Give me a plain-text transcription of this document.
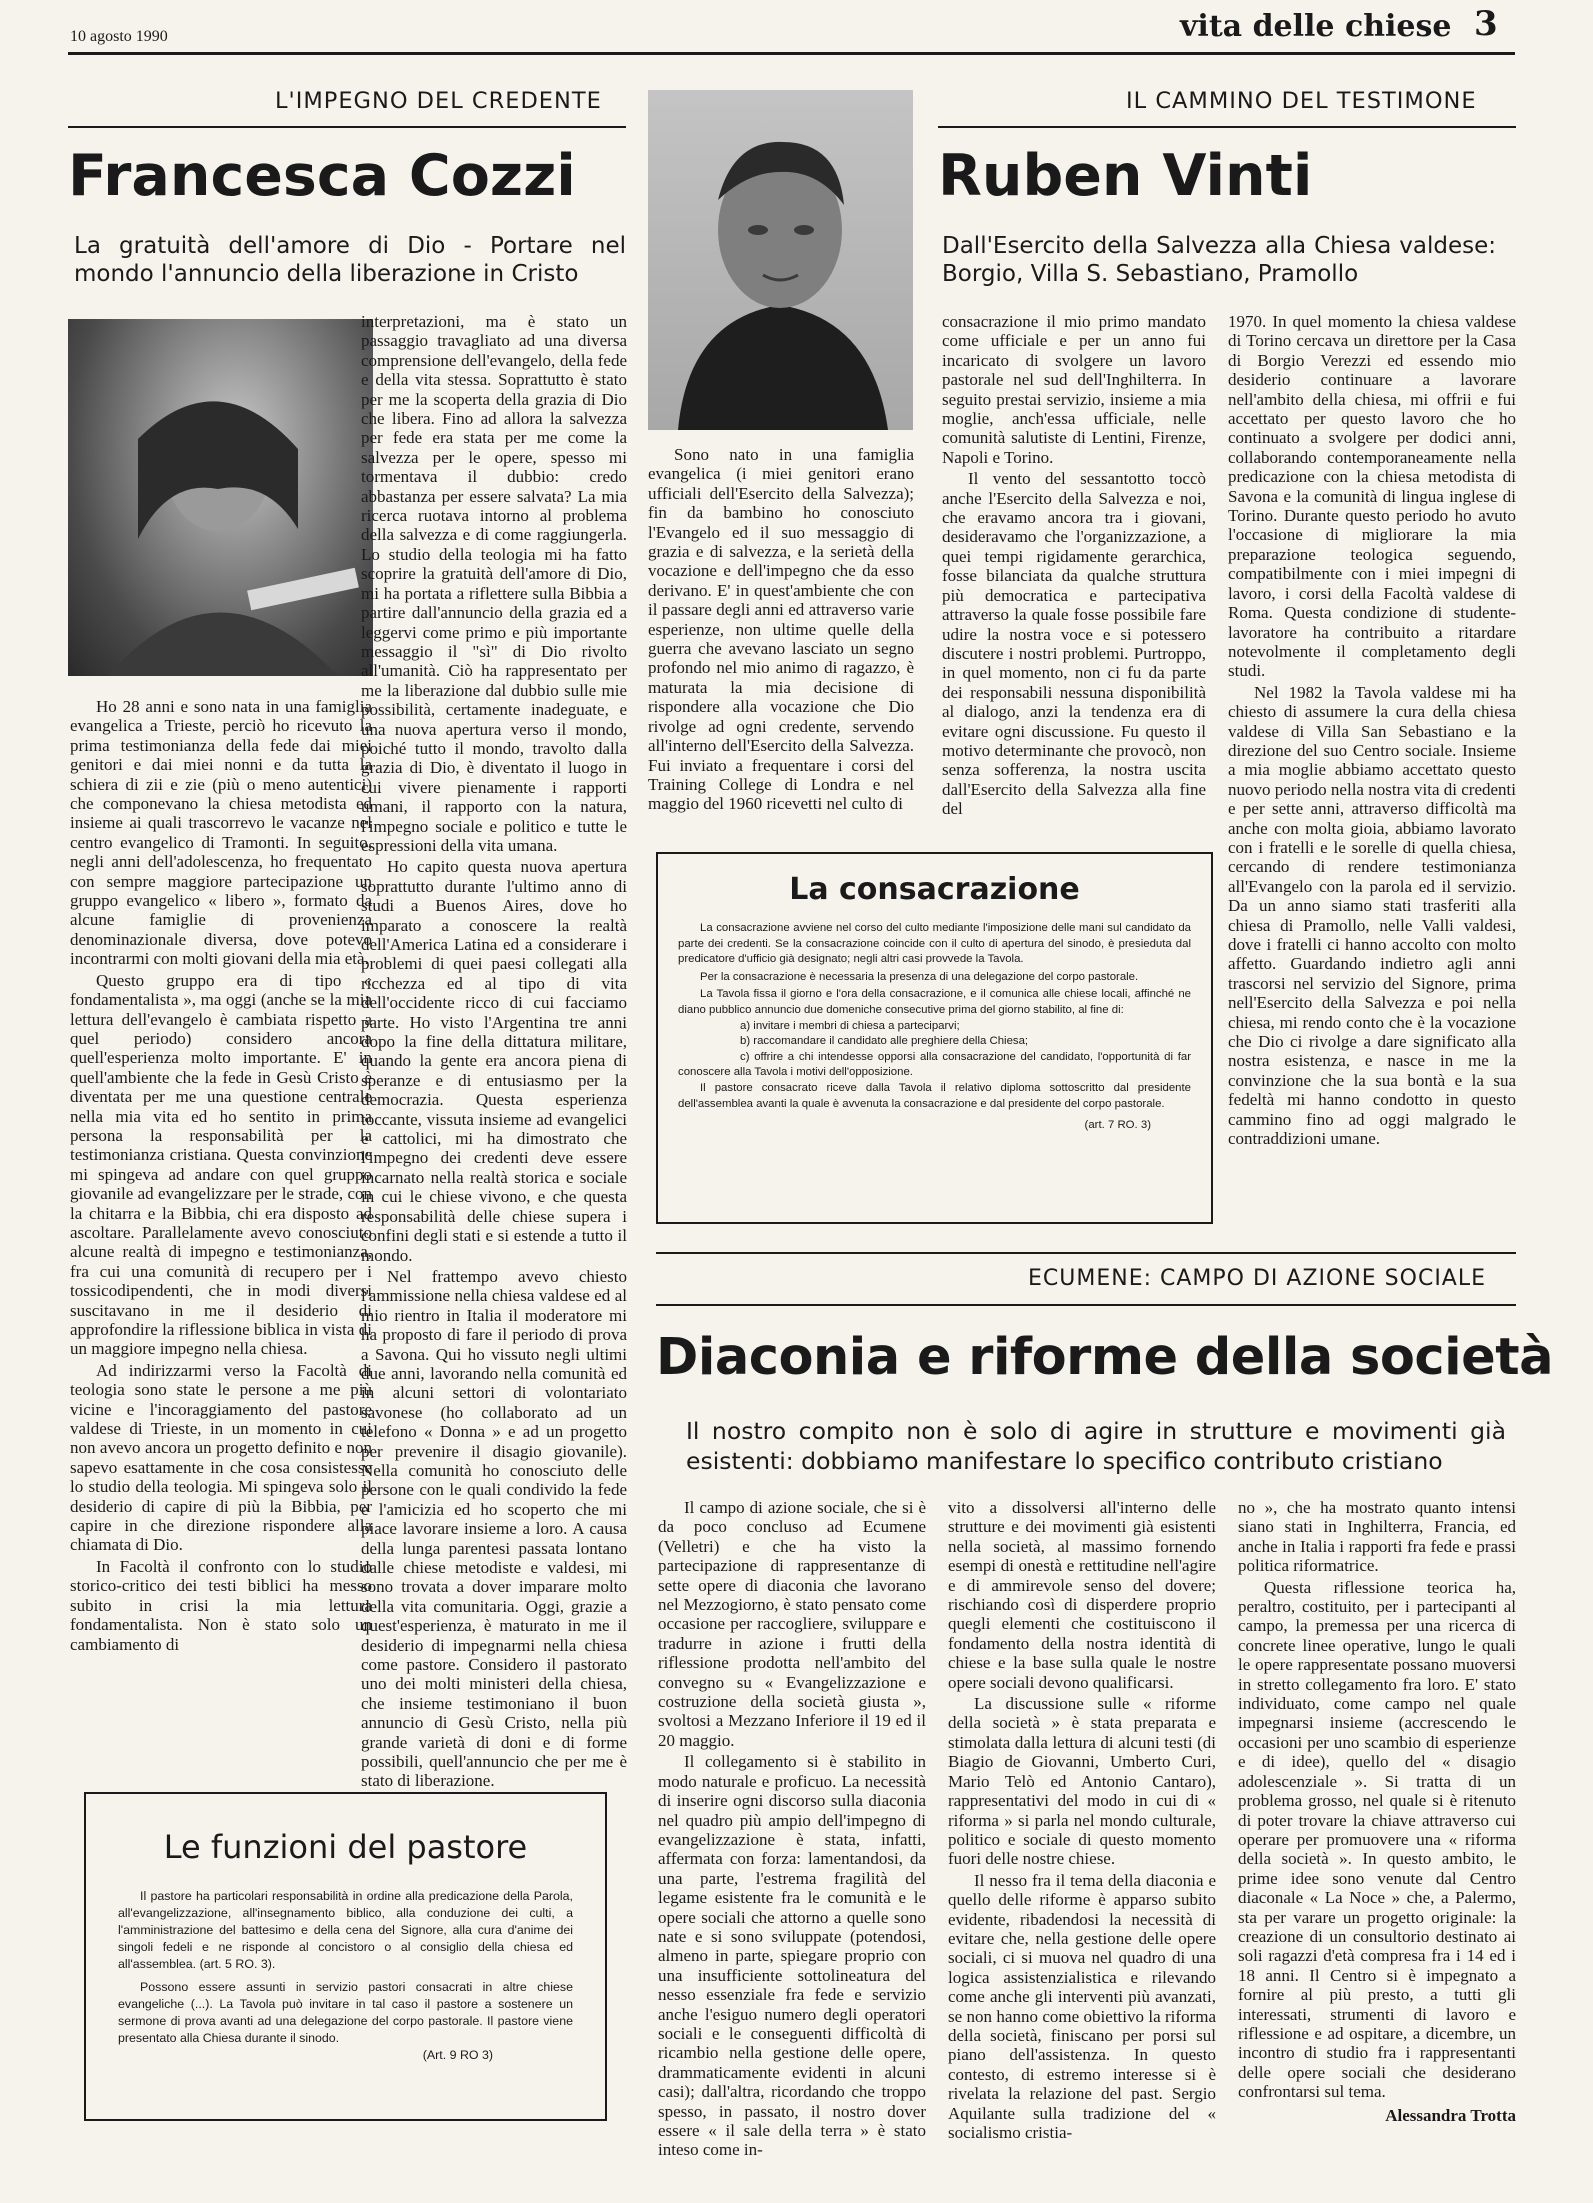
10 agosto 1990	vita delle chiese 3
L'IMPEGNO DEL CREDENTE
Francesca Cozzi
La gratuità dell'amore di Dio - Portare nel mondo l'annuncio della liberazione in Cristo

Ho 28 anni e sono nata in una famiglia evangelica a Trieste, perciò ho ricevuto la prima testimonianza della fede dai miei genitori e dai miei nonni e da tutta la schiera di zii e zie (più o meno autentici) che componevano la chiesa metodista ed insieme ai quali trascorrevo le vacanze nel centro evangelico di Tramonti. In seguito, negli anni dell'adolescenza, ho frequentato con sempre maggiore partecipazione un gruppo evangelico « libero », formato da alcune famiglie di provenienza denominazionale diversa, dove potevo incontrarmi con molti giovani della mia età.

Questo gruppo era di tipo « fondamentalista », ma oggi (anche se la mia lettura dell'evangelo è cambiata rispetto a quel periodo) considero ancora quell'esperienza molto importante. E' in quell'ambiente che la fede in Gesù Cristo è diventata per me una questione centrale nella mia vita ed ho sentito in prima persona la responsabilità per la testimonianza cristiana. Questa convinzione mi spingeva ad andare con quel gruppo giovanile ad evangelizzare per le strade, con la chitarra e la Bibbia, chi era disposto ad ascoltare. Parallelamente avevo conosciuto alcune realtà di impegno e testimonianza, fra cui una comunità di recupero per i tossicodipendenti, che in modi diversi suscitavano in me il desiderio di approfondire la riflessione biblica in vista di un maggiore impegno nella chiesa.

Ad indirizzarmi verso la Facoltà di teologia sono state le persone a me più vicine e l'incoraggiamento del pastore valdese di Trieste, in un momento in cui non avevo ancora un progetto definito e non sapevo esattamente in che cosa consistesse lo studio della teologia. Mi spingeva solo il desiderio di capire di più la Bibbia, per capire in che direzione rispondere alla chiamata di Dio.

In Facoltà il confronto con lo studio storico-critico dei testi biblici ha messo subito in crisi la mia lettura fondamentalista. Non è stato solo un cambiamento di

interpretazioni, ma è stato un passaggio travagliato ad una diversa comprensione dell'evangelo, della fede e della vita stessa. Soprattutto è stato per me la scoperta della grazia di Dio che libera. Fino ad allora la salvezza per fede era stata per me come la salvezza per le opere, spesso mi tormentava il dubbio: credo abbastanza per essere salvata? La mia ricerca ruotava intorno al problema della salvezza e di come raggiungerla. Lo studio della teologia mi ha fatto scoprire la gratuità dell'amore di Dio, mi ha portata a riflettere sulla Bibbia a partire dall'annuncio della grazia ed a leggervi come primo e più importante messaggio il "sì" di Dio rivolto all'umanità. Ciò ha rappresentato per me la liberazione dal dubbio sulle mie possibilità, certamente inadeguate, e una nuova apertura verso il mondo, poiché tutto il mondo, travolto dalla grazia di Dio, è diventato il luogo in cui vivere pienamente i rapporti umani, il rapporto con la natura, l'impegno sociale e politico e tutte le espressioni della vita umana.

Ho capito questa nuova apertura soprattutto durante l'ultimo anno di studi a Buenos Aires, dove ho imparato a conoscere la realtà dell'America Latina ed a considerare i problemi di quei paesi collegati alla ricchezza ed al tipo di vita dell'occidente ricco di cui facciamo parte. Ho visto l'Argentina tre anni dopo la fine della dittatura militare, quando la gente era ancora piena di speranze e di entusiasmo per la democrazia. Questa esperienza toccante, vissuta insieme ad evangelici e cattolici, mi ha dimostrato che l'impegno dei credenti deve essere incarnato nella realtà storica e sociale in cui le chiese vivono, e che questa responsabilità delle chiese supera i confini degli stati e si estende a tutto il mondo.

Nel frattempo avevo chiesto l'ammissione nella chiesa valdese ed al mio rientro in Italia il moderatore mi ha proposto di fare il periodo di prova a Savona. Qui ho vissuto negli ultimi due anni, lavorando nella comunità ed in alcuni settori di volontariato savonese (ho collaborato ad un telefono « Donna » e ad un progetto per prevenire il disagio giovanile). Nella comunità ho conosciuto delle persone con le quali condivido la fede e l'amicizia ed ho scoperto che mi piace lavorare insieme a loro. A causa della lunga parentesi passata lontano dalle chiese metodiste e valdesi, mi sono trovata a dover imparare molto della vita comunitaria. Oggi, grazie a quest'esperienza, è maturato in me il desiderio di impegnarmi nella chiesa come pastore. Considero il pastorato uno dei molti ministeri della chiesa, che insieme testimoniano il buon annuncio di Gesù Cristo, nella più grande varietà di doni e di forme possibili, quell'annuncio che per me è stato di liberazione.

Le funzioni del pastore

Il pastore ha particolari responsabilità in ordine alla predicazione della Parola, all'evangelizzazione, all'insegnamento biblico, alla conduzione dei culti, a l'amministrazione del battesimo e della cena del Signore, alla cura d'anime dei singoli fedeli e ne risponde al concistoro o al consiglio della chiesa ed all'assemblea. (art. 5 RO. 3).

Possono essere assunti in servizio pastori consacrati in altre chiese evangeliche (...). La Tavola può invitare in tal caso il pastore a sostenere un sermone di prova avanti ad una delegazione del corpo pastorale. Il pastore viene presentato alla Chiesa durante il sinodo.

(Art. 9 RO 3)
IL CAMMINO DEL TESTIMONE
Ruben Vinti
Dall'Esercito della Salvezza alla Chiesa valdese: Borgio, Villa S. Sebastiano, Pramollo

Sono nato in una famiglia evangelica (i miei genitori erano ufficiali dell'Esercito della Salvezza); fin da bambino ho conosciuto l'Evangelo ed il suo messaggio di grazia e di salvezza, e la serietà della vocazione e dell'impegno che da esso derivano. E' in quest'ambiente che con il passare degli anni ed attraverso varie esperienze, non ultime quelle della guerra che avevano lasciato un segno profondo nel mio animo di ragazzo, è maturata la mia decisione di rispondere alla vocazione che Dio rivolge ad ogni credente, servendo all'interno dell'Esercito della Salvezza. Fui inviato a frequentare i corsi del Training College di Londra e nel maggio del 1960 ricevetti nel culto di

consacrazione il mio primo mandato come ufficiale e per un anno fui incaricato di svolgere un lavoro pastorale nel sud dell'Inghilterra. In seguito prestai servizio, insieme a mia moglie, anch'essa ufficiale, nelle comunità salutiste di Lentini, Firenze, Napoli e Torino.

Il vento del sessantotto toccò anche l'Esercito della Salvezza e noi, che eravamo ancora tra i giovani, desideravamo che l'organizzazione, a quei tempi rigidamente gerarchica, fosse bilanciata da qualche struttura più democratica e partecipativa attraverso la quale fosse possibile fare udire la nostra voce e si potessero discutere i nostri problemi. Purtroppo, in quel momento, non ci fu da parte dei responsabili nessuna disponibilità al dialogo, anzi la tendenza era di evitare ogni discussione. Fu questo il motivo determinante che provocò, non senza sofferenza, la nostra uscita dall'Esercito della Salvezza alla fine del

1970. In quel momento la chiesa valdese di Torino cercava un direttore per la Casa di Borgio Verezzi ed essendo mio desiderio continuare a lavorare nell'ambito della chiesa, mi offrii e fui accettato per questo lavoro che ho continuato a svolgere per dodici anni, collaborando contemporaneamente nella predicazione con la chiesa metodista di Savona e la comunità di lingua inglese di Torino. Durante questo periodo ho avuto l'occasione di migliorare la mia preparazione teologica seguendo, compatibilmente con i miei impegni di lavoro, i corsi della Facoltà valdese di Roma. Questa condizione di studente-lavoratore ha contribuito a ritardare notevolmente il completamento degli studi.

Nel 1982 la Tavola valdese mi ha chiesto di assumere la cura della chiesa valdese di Villa San Sebastiano e la direzione del suo Centro sociale. Insieme a mia moglie abbiamo accettato questo nuovo periodo nella nostra vita di credenti e per sette anni, attraverso difficoltà ma anche con molta gioia, abbiamo lavorato con i fratelli e le sorelle di quella chiesa, cercando di rendere testimonianza all'Evangelo con la parola ed il servizio. Da un anno siamo stati trasferiti alla chiesa di Pramollo, nelle Valli valdesi, dove i fratelli ci hanno accolto con molto affetto. Guardando indietro agli anni trascorsi nel servizio del Signore, prima nell'Esercito della Salvezza e poi nella chiesa, mi rendo conto che è la vocazione che Dio ci rivolge a dare significato alla nostra esistenza, e nasce in me la convinzione che la sua bontà e la sua fedeltà mi hanno condotto in questo cammino fino ad oggi malgrado le contraddizioni umane.

La consacrazione

La consacrazione avviene nel corso del culto mediante l'imposizione delle mani sul candidato da parte dei credenti. Se la consacrazione coincide con il culto di apertura del sinodo, è presieduta dal predicatore d'ufficio già designato; negli altri casi provvede la Tavola.

Per la consacrazione è necessaria la presenza di una delegazione del corpo pastorale.

La Tavola fissa il giorno e l'ora della consacrazione, e il comunica alle chiese locali, affinché ne diano pubblico annuncio due domeniche consecutive prima del giorno stabilito, al fine di:

a) invitare i membri di chiesa a parteciparvi;

b) raccomandare il candidato alle preghiere della Chiesa;

c) offrire a chi intendesse opporsi alla consacrazione del candidato, l'opportunità di far conoscere alla Tavola i motivi dell'opposizione.

Il pastore consacrato riceve dalla Tavola il relativo diploma sottoscritto dal presidente dell'assemblea avanti la quale è avvenuta la consacrazione e dal presidente del corpo pastorale.

(art. 7 RO. 3)
ECUMENE: CAMPO DI AZIONE SOCIALE
Diaconia e riforme della società
Il nostro compito non è solo di agire in strutture e movimenti già esistenti: dobbiamo manifestare lo specifico contributo cristiano

Il campo di azione sociale, che si è da poco concluso ad Ecumene (Velletri) e che ha visto la partecipazione di rappresentanze di sette opere di diaconia che lavorano nel Mezzogiorno, è stato pensato come occasione per raccogliere, sviluppare e tradurre in azione i frutti della riflessione prodotta nell'ambito del convegno su « Evangelizzazione e costruzione della società giusta », svoltosi a Mezzano Inferiore il 19 ed il 20 maggio.

Il collegamento si è stabilito in modo naturale e proficuo. La necessità di inserire ogni discorso sulla diaconia nel quadro più ampio dell'impegno di evangelizzazione è stata, infatti, affermata con forza: lamentandosi, da una parte, l'estrema fragilità del legame esistente fra le comunità e le opere sociali che attorno a quelle sono nate e si sono sviluppate (potendosi, almeno in parte, spiegare proprio con una insufficiente sottolineatura del nesso essenziale fra fede e servizio anche l'esiguo numero degli operatori sociali e le conseguenti difficoltà di ricambio nella gestione delle opere, drammaticamente evidenti in alcuni casi); dall'altra, ricordando che troppo spesso, in passato, il nostro dover essere « il sale della terra » è stato inteso come in-

vito a dissolversi all'interno delle strutture e dei movimenti già esistenti nella società, al massimo fornendo esempi di onestà e rettitudine nell'agire e di ammirevole senso del dovere; rischiando così di disperdere proprio quegli elementi che costituiscono il fondamento della nostra identità di chiese e la base sulla quale le nostre opere sociali devono qualificarsi.

La discussione sulle « riforme della società » è stata preparata e stimolata dalla lettura di alcuni testi (di Biagio de Giovanni, Umberto Curi, Mario Telò ed Antonio Cantaro), rappresentativi del modo in cui di « riforma » si parla nel mondo culturale, politico e sociale di questo momento fuori delle nostre chiese.

Il nesso fra il tema della diaconia e quello delle riforme è apparso subito evidente, ribadendosi la necessità di evitare che, nella gestione delle opere sociali, ci si muova nel quadro di una logica assistenzialistica e rilevando come anche gli interventi più avanzati, se non hanno come obiettivo la riforma della società, finiscano per porsi sul piano dell'assistenza. In questo contesto, di estremo interesse si è rivelata la relazione del past. Sergio Aquilante sulla tradizione del « socialismo cristia-

no », che ha mostrato quanto intensi siano stati in Inghilterra, Francia, ed anche in Italia i rapporti fra fede e prassi politica riformatrice.

Questa riflessione teorica ha, peraltro, costituito, per i partecipanti al campo, la premessa per una ricerca di concrete linee operative, lungo le quali le opere rappresentate possano muoversi in stretto collegamento fra loro. E' stato individuato, come campo nel quale impegnarsi insieme (accrescendo le occasioni per uno scambio di esperienze e di idee), quello del « disagio adolescenziale ». Si tratta di un problema grosso, nel quale si è ritenuto di poter trovare la chiave attraverso cui operare per promuovere una « riforma della società ». In questo ambito, le prime idee sono venute dal Centro diaconale « La Noce » che, a Palermo, sta per varare un progetto originale: la creazione di un consultorio destinato ai soli ragazzi d'età compresa fra i 14 ed i 18 anni. Il Centro si è impegnato a fornire al più presto, a tutti gli interessati, strumenti di lavoro e riflessione e ad ospitare, a dicembre, un incontro di studio fra i rappresentanti delle opere sociali che desiderano confrontarsi sul tema.

Alessandra Trotta
